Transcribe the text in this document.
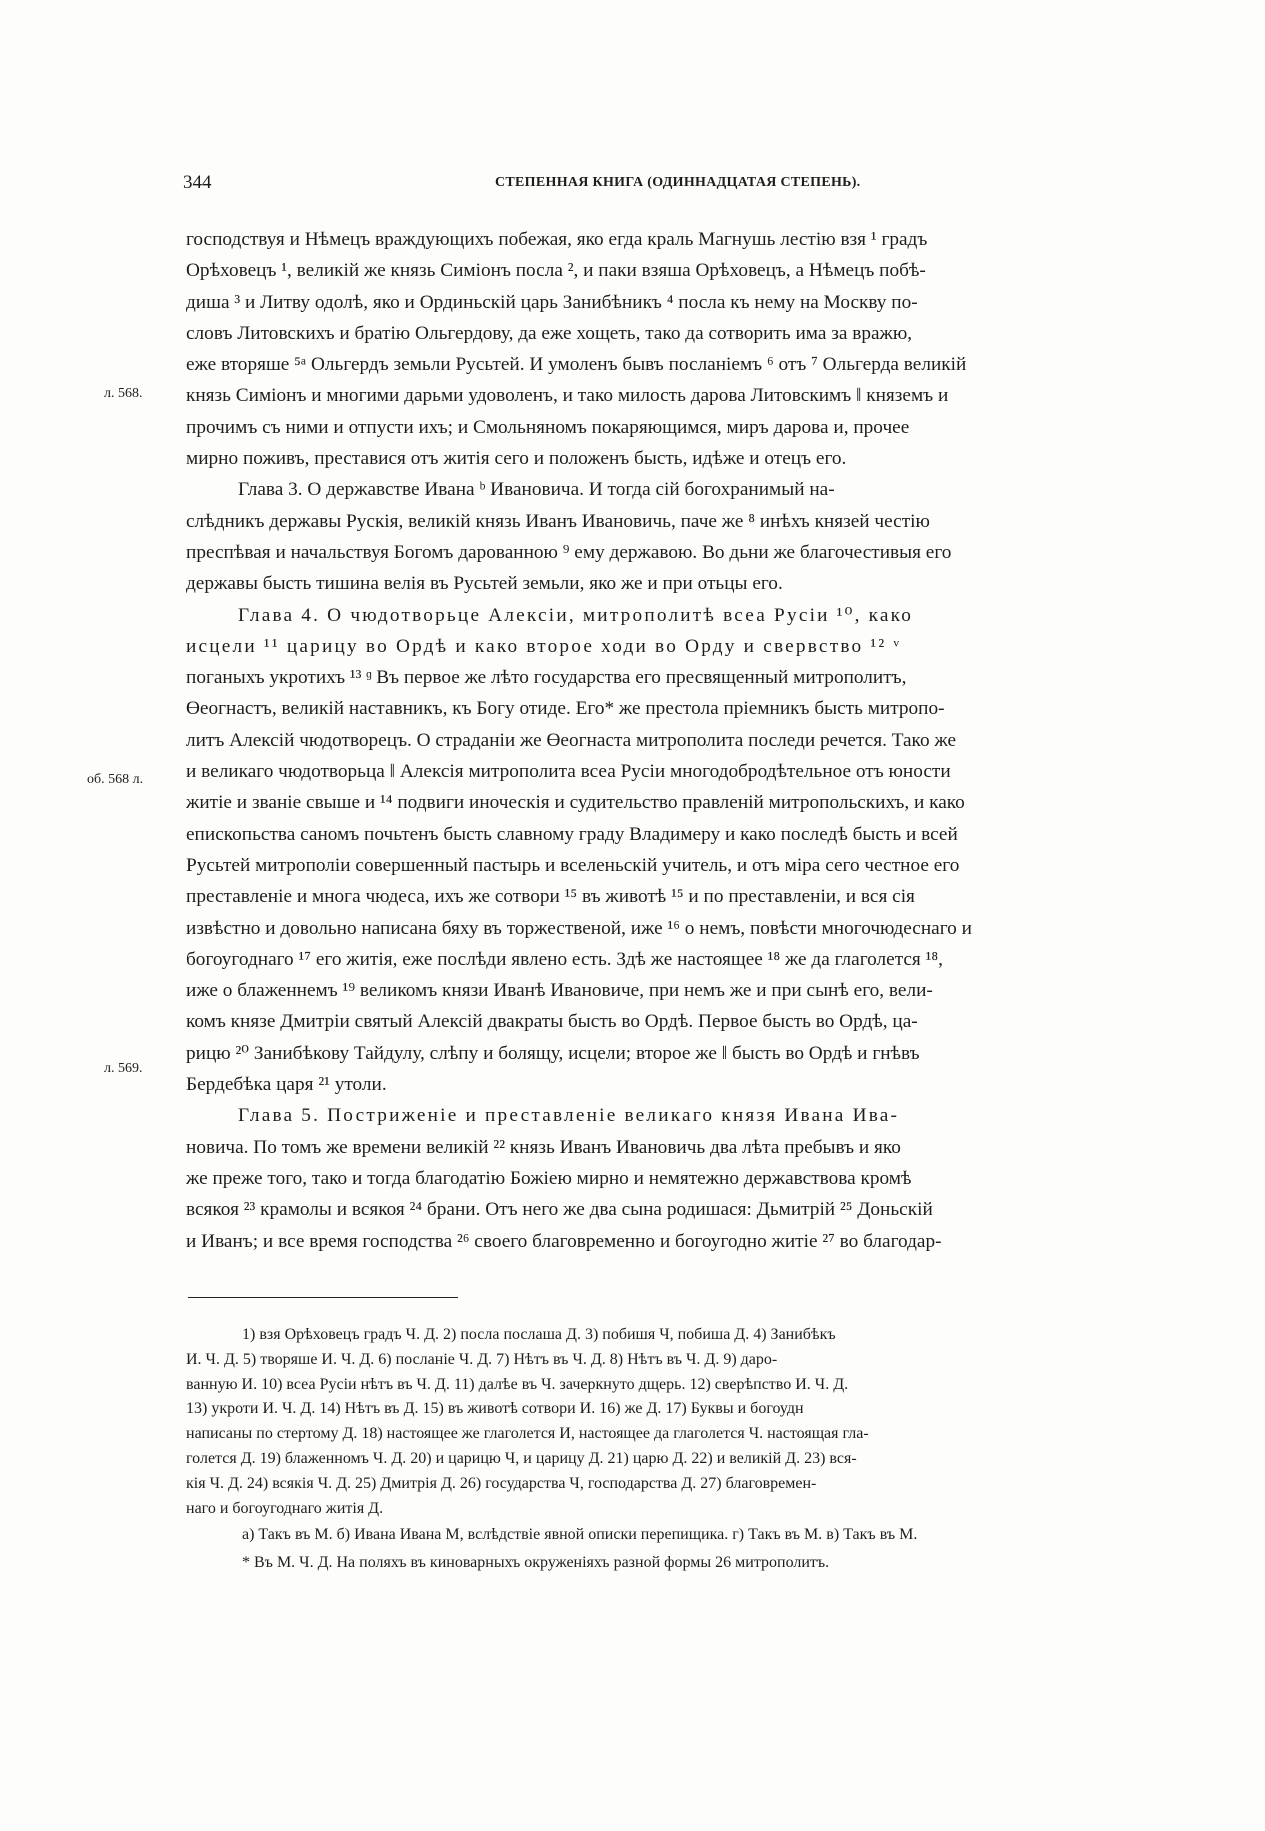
344	СТЕПЕННАЯ КНИГА (ОДИННАДЦАТАЯ СТЕПЕНЬ).
л. 568.
об. 568 л.
л. 569.
господствуя и Нѣмецъ враждующихъ побежая, яко егда краль Магнушь лестiю взя ¹ градъ
Орѣховецъ ¹, великiй же князь Симiонъ посла ², и паки взяша Орѣховецъ, а Нѣмецъ побѣ-
диша ³ и Литву одолѣ, яко и Ординьскiй царь Занибѣникъ ⁴ посла къ нему на Москву по-
словъ Литовскихъ и братiю Ольгердову, да еже хощеть, тако да сотворить има за вражю,
еже вторяше ⁵ᵃ Ольгердъ земьли Русьтей. И умоленъ бывъ посланiемъ ⁶ отъ ⁷ Ольгерда великiй
князь Симiонъ и многими дарьми удоволенъ, и тако милость дарова Литовскимъ ‖ княземъ и
прочимъ съ ними и отпусти ихъ; и Смольняномъ покаряющимся, миръ дарова и, прочее
мирно поживъ, преставися отъ житiя сего и положенъ бысть, идѣже и отецъ его.
Глава 3. О державстве Ивана ᵇ Ивановича. И тогда сiй богохранимый на-
слѣдникъ державы Рускiя, великiй князь Иванъ Ивановичь, паче же ⁸ инѣхъ князей честiю
преспѣвая и начальствуя Богомъ дарованною ⁹ ему державою. Во дьни же благочестивыя его
державы бысть тишина велiя въ Русьтей земьли, яко же и при отьцы его.
Глава 4. О чюдотворьце Алексiи, митрополитѣ всеа Русiи ¹⁰, како
исцели ¹¹ царицу во Ордѣ и како второе ходи во Орду и свервство ¹² ᵛ
поганыхъ укротихъ ¹³ ᶢ Въ первое же лѣто государства его пресвященный митрополитъ,
Өеогнастъ, великiй наставникъ, къ Богу отиде. Его* же престола прiемникъ бысть митропо-
литъ Алексiй чюдотворецъ. О страданiи же Өеогнаста митрополита последи речется. Тако же
и великаго чюдотворьца ‖ Алексiя митрополита всеа Русiи многодобродѣтельное отъ юности
житiе и званiе свыше и ¹⁴ подвиги иноческiя и судительство правленiй митропольскихъ, и како
епископьства саномъ почьтенъ бысть славному граду Владимеру и како последѣ бысть и всей
Русьтей митрополiи совершенный пастырь и вселеньскiй учитель, и отъ мiра сего честное его
преставленiе и многа чюдеса, ихъ же сотвори ¹⁵ въ животѣ ¹⁵ и по преставленiи, и вся сiя
извѣстно и довольно написана бяху въ торжественой, иже ¹⁶ о немъ, повѣсти многочюдеснаго и
богоугоднаго ¹⁷ его житiя, еже послѣди явлено есть. Здѣ же настоящее ¹⁸ же да глаголется ¹⁸,
иже о блаженнемъ ¹⁹ великомъ князи Иванѣ Ивановиче, при немъ же и при сынѣ его, вели-
комъ князе Дмитрiи святый Алексiй двакраты бысть во Ордѣ. Первое бысть во Ордѣ, ца-
рицю ²⁰ Занибѣкову Тайдулу, слѣпу и болящу, исцели; второе же ‖ бысть во Ордѣ и гнѣвъ
Бердебѣка царя ²¹ утоли.
Глава 5. Постриженiе и преставленiе великаго князя Ивана Ива-
новича. По томъ же времени великiй ²² князь Иванъ Ивановичь два лѣта пребывъ и яко
же преже того, тако и тогда благодатiю Божiею мирно и немятежно державствова кромѣ
всякоя ²³ крамолы и всякоя ²⁴ брани. Отъ него же два сына родишася: Дьмитрiй ²⁵ Доньскiй
и Иванъ; и все время господства ²⁶ своего благовременно и богоугодно житiе ²⁷ во благодар-
1) взя Орѣховецъ градъ Ч. Д. 2) посла послаша Д. 3) побишя Ч, побиша Д. 4) Занибѣкъ
И. Ч. Д. 5) творяше И. Ч. Д. 6) посланiе Ч. Д. 7) Нѣтъ въ Ч. Д. 8) Нѣтъ въ Ч. Д. 9) даро-
ванную И. 10) всеа Русiи нѣтъ въ Ч. Д. 11) далѣе въ Ч. зачеркнуто дщерь. 12) сверѣпство И. Ч. Д.
13) укроти И. Ч. Д. 14) Нѣтъ въ Д. 15) въ животѣ сотвори И. 16) же Д. 17) Буквы и богоудн
написаны по стертому Д. 18) настоящее же глаголется И, настоящее да глаголется Ч. настоящая гла-
голется Д. 19) блаженномъ Ч. Д. 20) и царицю Ч, и царицу Д. 21) царю Д. 22) и великiй Д. 23) вся-
кiя Ч. Д. 24) всякiя Ч. Д. 25) Дмитрiя Д. 26) государства Ч, господарства Д. 27) благовремен-
наго и богоугоднаго житiя Д.
а) Такъ въ М. б) Ивана Ивана М, вслѣдствiе явной описки перепищика. г) Такъ въ М. в) Такъ въ М.
* Въ М. Ч. Д. На поляхъ въ киноварныхъ окруженiяхъ разной формы 26 митрополитъ.
